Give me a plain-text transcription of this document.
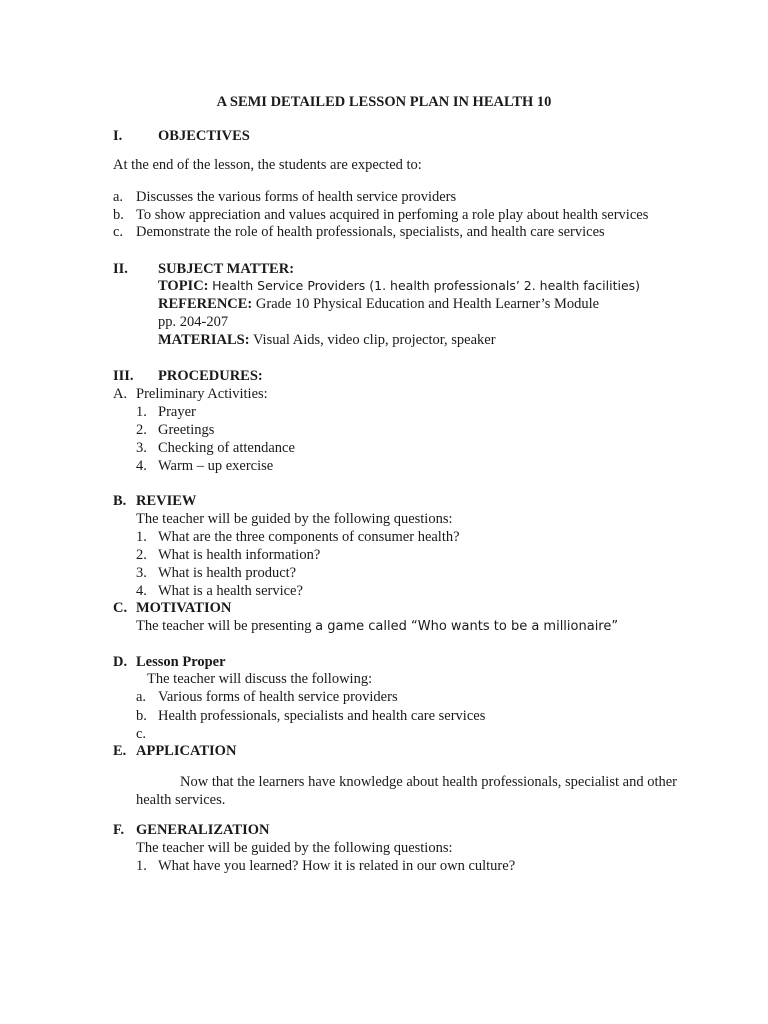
A SEMI DETAILED LESSON PLAN IN HEALTH 10
I. OBJECTIVES
At the end of the lesson, the students are expected to:
a. Discusses the various forms of health service providers
b. To show appreciation and values acquired in perfoming a role play about health services
c. Demonstrate the role of health professionals, specialists, and health care services
II. SUBJECT MATTER:
TOPIC: Health Service Providers (1. health professionals’ 2. health facilities)
REFERENCE: Grade 10 Physical Education and Health Learner’s Module
pp. 204-207
MATERIALS: Visual Aids, video clip, projector, speaker
III. PROCEDURES:
A. Preliminary Activities:
1. Prayer
2. Greetings
3. Checking of attendance
4. Warm – up exercise
B. REVIEW
The teacher will be guided by the following questions:
1. What are the three components of consumer health?
2. What is health information?
3. What is health product?
4. What is a health service?
C. MOTIVATION
The teacher will be presenting a game called “Who wants to be a millionaire”
D. Lesson Proper
The teacher will discuss the following:
a. Various forms of health service providers
b. Health professionals, specialists and health care services
c.
E. APPLICATION
Now that the learners have knowledge about health professionals, specialist and other health services.
F. GENERALIZATION
The teacher will be guided by the following questions:
1. What have you learned? How it is related in our own culture?
